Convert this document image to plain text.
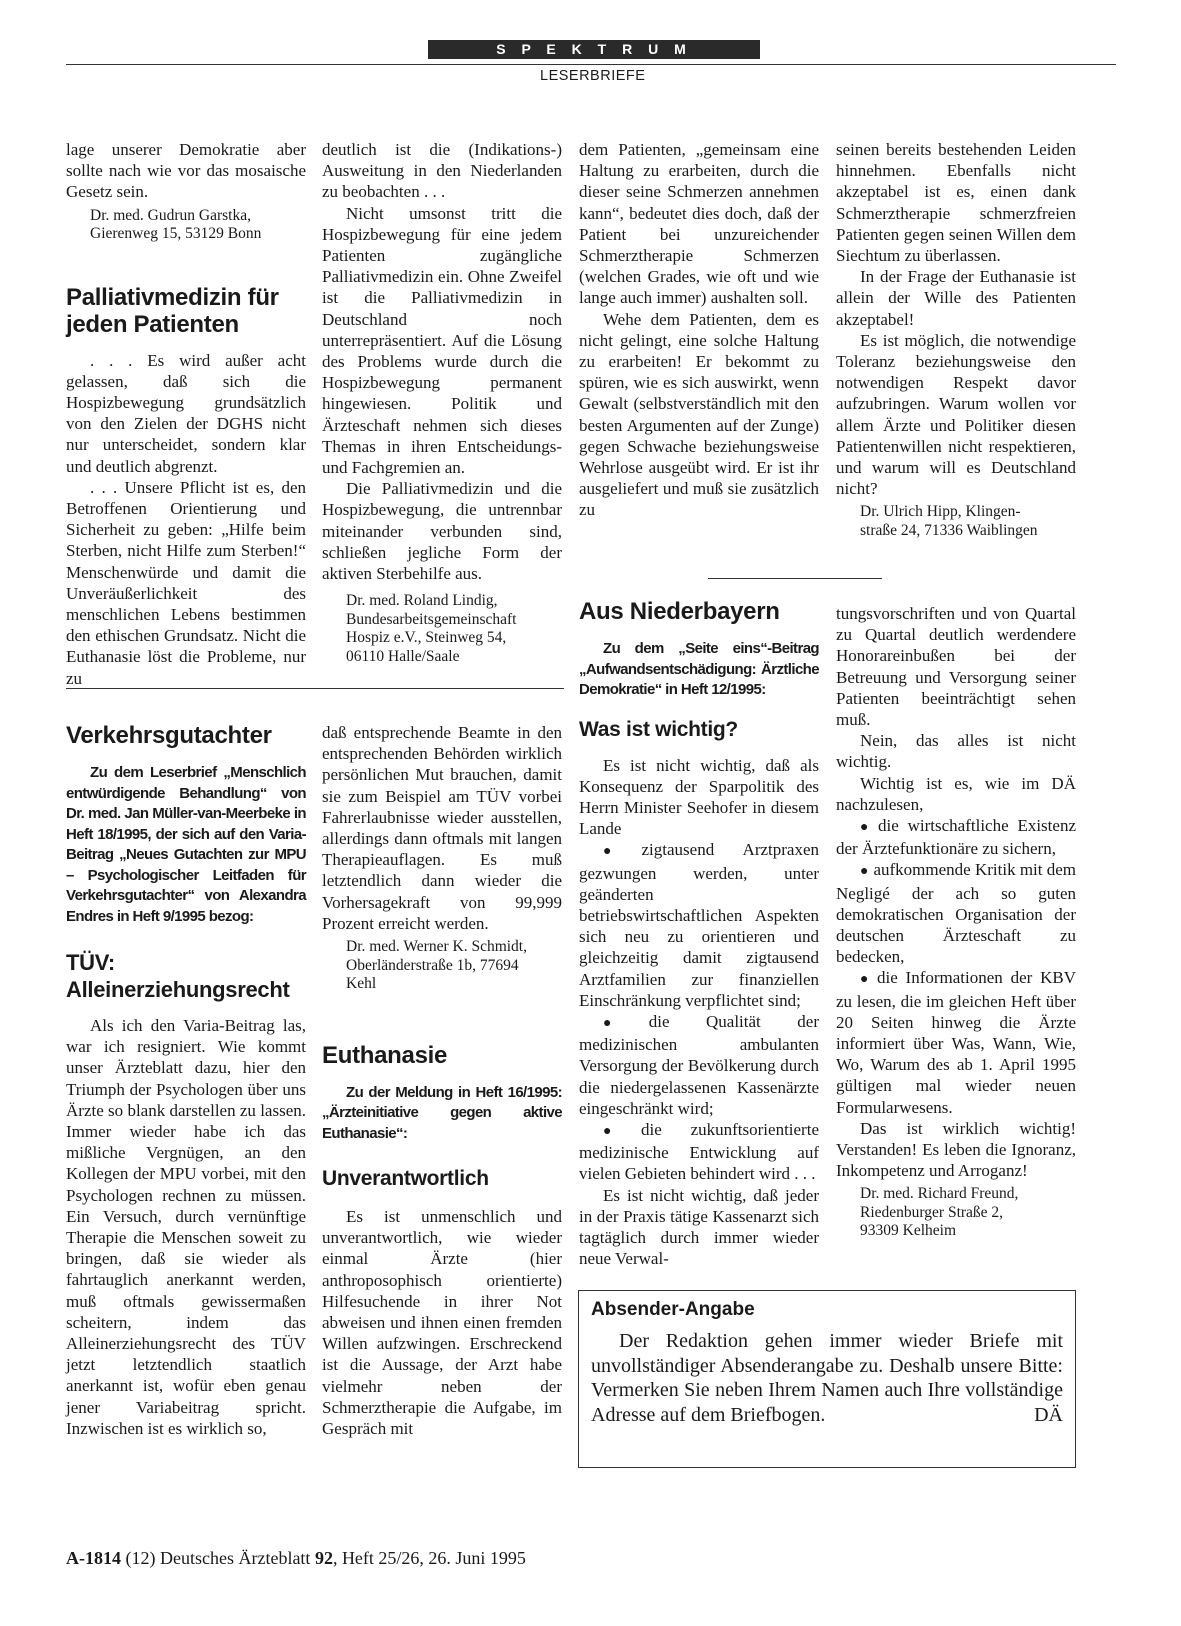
S P E K T R U M
LESERBRIEFE

lage unserer Demokratie aber sollte nach wie vor das mosaische Gesetz sein.

Dr. med. Gudrun Garstka,
Gierenweg 15, 53129 Bonn
Palliativmedizin für
jeden Patienten

. . . Es wird außer acht gelassen, daß sich die Hospizbewegung grundsätzlich von den Zielen der DGHS nicht nur unterscheidet, sondern klar und deutlich abgrenzt.

. . . Unsere Pflicht ist es, den Betroffenen Orientierung und Sicherheit zu geben: „Hilfe beim Sterben, nicht Hilfe zum Sterben!“ Menschenwürde und damit die Unveräußerlichkeit des menschlichen Lebens bestimmen den ethischen Grundsatz. Nicht die Euthanasie löst die Probleme, nur zu

deutlich ist die (Indikations-) Ausweitung in den Niederlanden zu beobachten . . .

Nicht umsonst tritt die Hospizbewegung für eine jedem Patienten zugängliche Palliativmedizin ein. Ohne Zweifel ist die Palliativmedizin in Deutschland noch unterrepräsentiert. Auf die Lösung des Problems wurde durch die Hospizbewegung permanent hingewiesen. Politik und Ärzteschaft nehmen sich dieses Themas in ihren Entscheidungs- und Fachgremien an.

Die Palliativmedizin und die Hospizbewegung, die untrennbar miteinander verbunden sind, schließen jegliche Form der aktiven Sterbehilfe aus.

Dr. med. Roland Lindig,
Bundesarbeitsgemeinschaft
Hospiz e.V., Steinweg 54,
06110 Halle/Saale

dem Patienten, „gemeinsam eine Haltung zu erarbeiten, durch die dieser seine Schmerzen annehmen kann“, bedeutet dies doch, daß der Patient bei unzureichender Schmerztherapie Schmerzen (welchen Grades, wie oft und wie lange auch immer) aushalten soll.

Wehe dem Patienten, dem es nicht gelingt, eine solche Haltung zu erarbeiten! Er bekommt zu spüren, wie es sich auswirkt, wenn Gewalt (selbstverständlich mit den besten Argumenten auf der Zunge) gegen Schwache beziehungsweise Wehrlose ausgeübt wird. Er ist ihr ausgeliefert und muß sie zusätzlich zu

seinen bereits bestehenden Leiden hinnehmen. Ebenfalls nicht akzeptabel ist es, einen dank Schmerztherapie schmerzfreien Patienten gegen seinen Willen dem Siechtum zu überlassen.

In der Frage der Euthanasie ist allein der Wille des Patienten akzeptabel!

Es ist möglich, die notwendige Toleranz beziehungsweise den notwendigen Respekt davor aufzubringen. Warum wollen vor allem Ärzte und Politiker diesen Patientenwillen nicht respektieren, und warum will es Deutschland nicht?

Dr. Ulrich Hipp, Klingen-
straße 24, 71336 Waiblingen
Verkehrsgutachter

Zu dem Leserbrief „Menschlich entwürdigende Behandlung“ von Dr. med. Jan Müller-van-Meerbeke in Heft 18/1995, der sich auf den Varia-Beitrag „Neues Gutachten zur MPU – Psychologischer Leitfaden für Verkehrsgutachter“ von Alexandra Endres in Heft 9/1995 bezog:

TÜV:
Alleinerziehungsrecht

Als ich den Varia-Beitrag las, war ich resigniert. Wie kommt unser Ärzteblatt dazu, hier den Triumph der Psychologen über uns Ärzte so blank darstellen zu lassen. Immer wieder habe ich das mißliche Vergnügen, an den Kollegen der MPU vorbei, mit den Psychologen rechnen zu müssen. Ein Versuch, durch vernünftige Therapie die Menschen soweit zu bringen, daß sie wieder als fahrtauglich anerkannt werden, muß oftmals gewissermaßen scheitern, indem das Alleinerziehungsrecht des TÜV jetzt letztendlich staatlich anerkannt ist, wofür eben genau jener Variabeitrag spricht. Inzwischen ist es wirklich so,

daß entsprechende Beamte in den entsprechenden Behörden wirklich persönlichen Mut brauchen, damit sie zum Beispiel am TÜV vorbei Fahrerlaubnisse wieder ausstellen, allerdings dann oftmals mit langen Therapieauflagen. Es muß letztendlich dann wieder die Vorhersagekraft von 99,999 Prozent erreicht werden.

Dr. med. Werner K. Schmidt,
Oberländerstraße 1b, 77694
Kehl
Euthanasie

Zu der Meldung in Heft 16/1995: „Ärzteinitiative gegen aktive Euthanasie“:

Unverantwortlich

Es ist unmenschlich und unverantwortlich, wie wieder einmal Ärzte (hier anthroposophisch orientierte) Hilfesuchende in ihrer Not abweisen und ihnen einen fremden Willen aufzwingen. Erschreckend ist die Aussage, der Arzt habe vielmehr neben der Schmerztherapie die Aufgabe, im Gespräch mit

Aus Niederbayern

Zu dem „Seite eins“-Beitrag „Aufwandsentschädigung: Ärztliche Demokratie“ in Heft 12/1995:

Was ist wichtig?

Es ist nicht wichtig, daß als Konsequenz der Sparpolitik des Herrn Minister Seehofer in diesem Lande

● zigtausend Arztpraxen gezwungen werden, unter geänderten betriebswirtschaftlichen Aspekten sich neu zu orientieren und gleichzeitig damit zigtausend Arztfamilien zur finanziellen Einschränkung verpflichtet sind;

● die Qualität der medizinischen ambulanten Versorgung der Bevölkerung durch die niedergelassenen Kassenärzte eingeschränkt wird;

● die zukunftsorientierte medizinische Entwicklung auf vielen Gebieten behindert wird . . .

Es ist nicht wichtig, daß jeder in der Praxis tätige Kassenarzt sich tagtäglich durch immer wieder neue Verwal-

tungsvorschriften und von Quartal zu Quartal deutlich werdendere Honorareinbußen bei der Betreuung und Versorgung seiner Patienten beeinträchtigt sehen muß.

Nein, das alles ist nicht wichtig.

Wichtig ist es, wie im DÄ nachzulesen,

● die wirtschaftliche Existenz der Ärztefunktionäre zu sichern,

● aufkommende Kritik mit dem Negligé der ach so guten demokratischen Organisation der deutschen Ärzteschaft zu bedecken,

● die Informationen der KBV zu lesen, die im gleichen Heft über 20 Seiten hinweg die Ärzte informiert über Was, Wann, Wie, Wo, Warum des ab 1. April 1995 gültigen mal wieder neuen Formularwesens.

Das ist wirklich wichtig! Verstanden! Es leben die Ignoranz, Inkompetenz und Arroganz!

Dr. med. Richard Freund,
Riedenburger Straße 2,
93309 Kelheim
Absender-Angabe
Der Redaktion gehen immer wieder Briefe mit unvollständiger Absenderangabe zu. Deshalb unsere Bitte: Vermerken Sie neben Ihrem Namen auch Ihre vollständige Adresse auf dem Briefbogen.	DÄ
A-1814 (12) Deutsches Ärzteblatt 92, Heft 25/26, 26. Juni 1995
